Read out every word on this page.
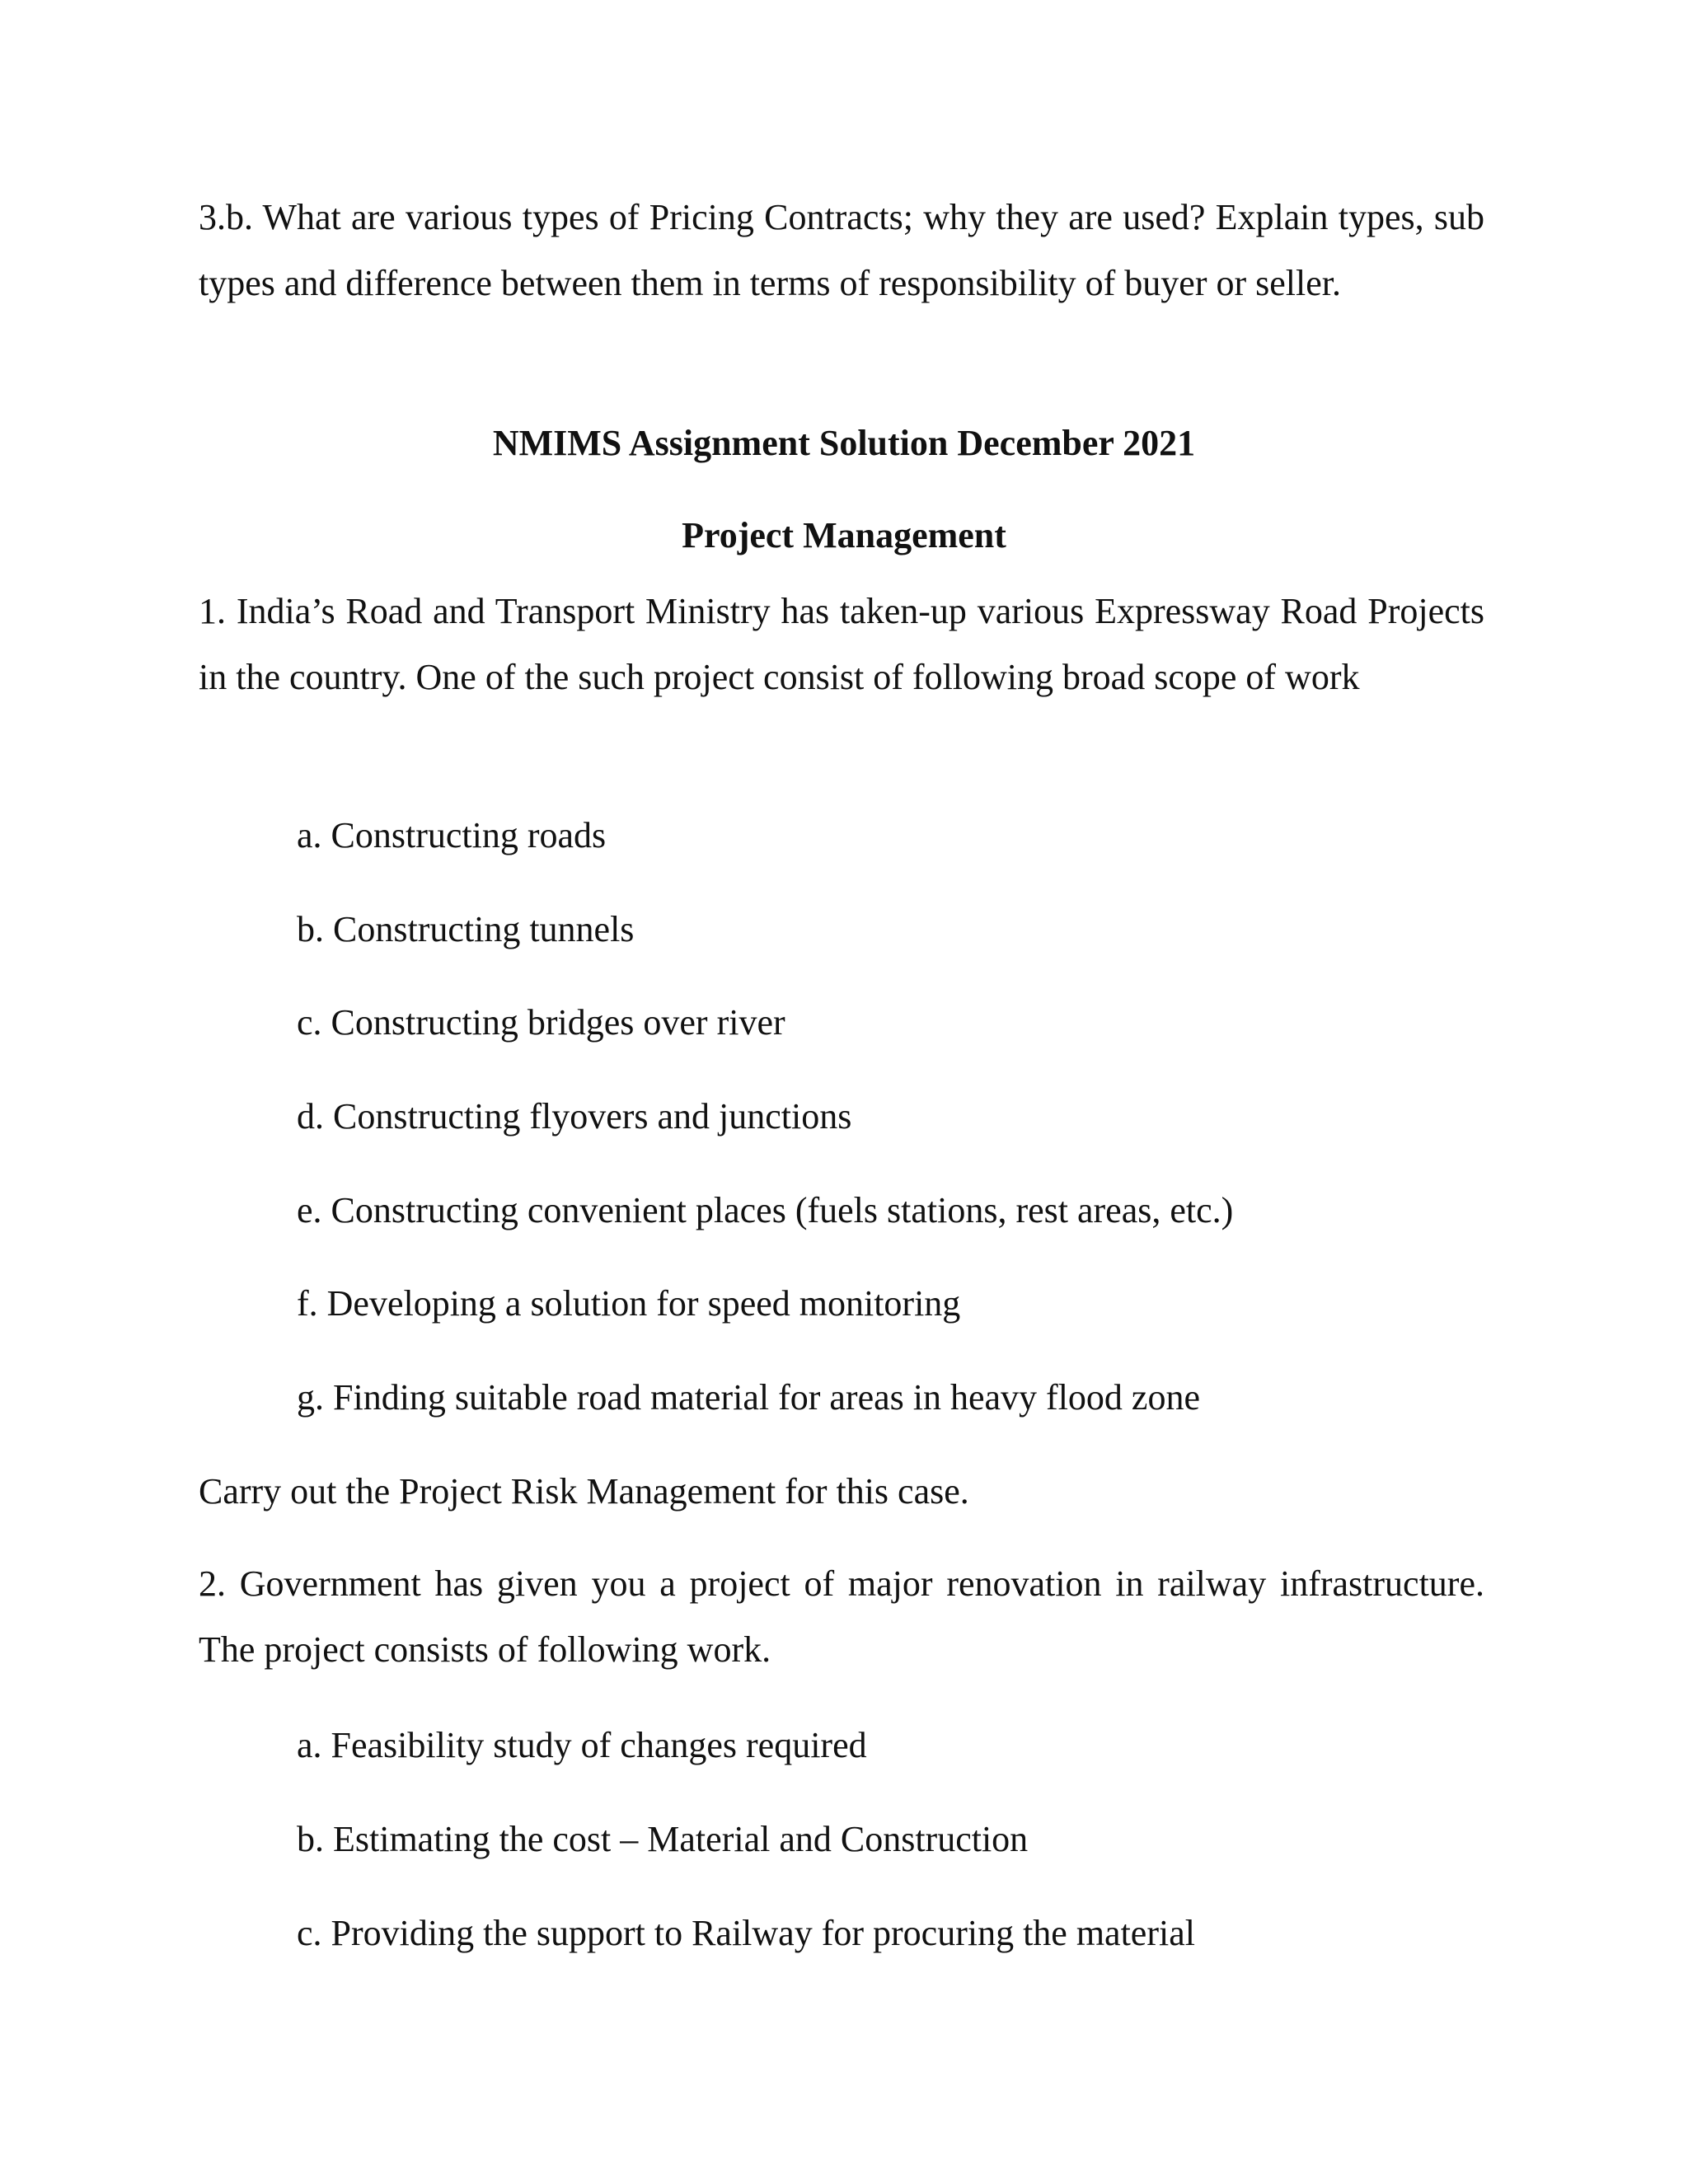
3.b. What are various types of Pricing Contracts; why they are used? Explain types, sub types and difference between them in terms of responsibility of buyer or seller.

NMIMS Assignment Solution December 2021

Project Management

1. India’s Road and Transport Ministry has taken-up various Expressway Road Projects in the country. One of the such project consist of following broad scope of work

a. Constructing roads

b. Constructing tunnels

c. Constructing bridges over river

d. Constructing flyovers and junctions

e. Constructing convenient places (fuels stations, rest areas, etc.)

f. Developing a solution for speed monitoring

g. Finding suitable road material for areas in heavy flood zone

Carry out the Project Risk Management for this case.

2. Government has given you a project of major renovation in railway infrastructure. The project consists of following work.

a. Feasibility study of changes required

b. Estimating the cost – Material and Construction

c. Providing the support to Railway for procuring the material
